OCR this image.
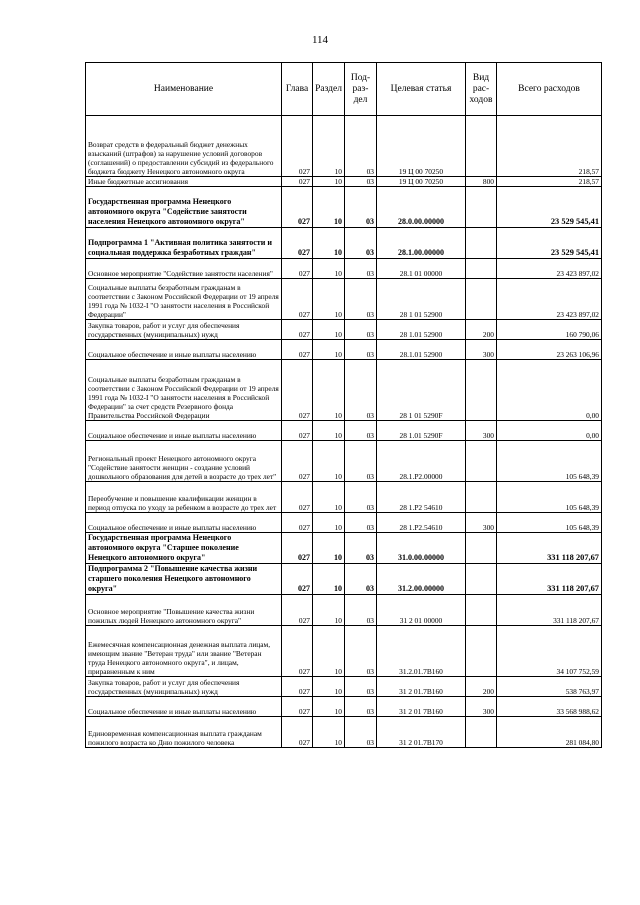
114
Наименование	Глава	Раздел	Под-раз-дел	Целевая статья	Вид рас-ходов	Всего расходов
Возврат средств в федеральный бюджет денежных взысканий (штрафов) за нарушение условий договоров (соглашений) о предоставлении субсидий из федерального бюджета бюджету Ненецкого автономного округа	027	10	03	19 Ц 00 70250		218,57
Иные бюджетные ассигнования	027	10	03	19 Ц 00 70250	800	218,57
Государственная программа Ненецкого автономного округа "Содействие занятости населения Ненецкого автономного округа"	027	10	03	28.0.00.00000		23 529 545,41
Подпрограмма 1 "Активная политика занятости и социальная поддержка безработных граждан"	027	10	03	28.1.00.00000		23 529 545,41
Основное мероприятие "Содействие занятости населения"	027	10	03	28.1 01 00000		23 423 897,02
Социальные выплаты безработным гражданам в соответствии с Законом Российской Федерации от 19 апреля 1991 года № 1032-I "О занятости населения в Российской Федерации"	027	10	03	28 1 01 52900		23 423 897,02
Закупка товаров, работ и услуг для обеспечения государственных (муниципальных) нужд	027	10	03	28 1.01 52900	200	160 790,06
Социальное обеспечение и иные выплаты населению	027	10	03	28.1.01 52900	300	23 263 106,96
Социальные выплаты безработным гражданам в соответствии с Законом Российской Федерации от 19 апреля 1991 года № 1032-I "О занятости населения в Российской Федерации" за счет средств Резервного фонда Правительства Российской Федерации	027	10	03	28 1 01 5290F		0,00
Социальное обеспечение и иные выплаты населению	027	10	03	28 1.01 5290F	300	0,00
Региональный проект Ненецкого автономного округа "Содействие занятости женщин - создание условий дошкольного образования для детей в возрасте до трех лет"	027	10	03	28.1.P2.00000		105 648,39
Переобучение и повышение квалификации женщин в период отпуска по уходу за ребенком в возрасте до трех лет	027	10	03	28 1.P2 54610		105 648,39
Социальное обеспечение и иные выплаты населению	027	10	03	28 1.P2.54610	300	105 648,39
Государственная программа Ненецкого автономного округа "Старшее поколение Ненецкого автономного округа"	027	10	03	31.0.00.00000		331 118 207,67
Подпрограмма 2 "Повышение качества жизни старшего поколения Ненецкого автономного округа"	027	10	03	31.2.00.00000		331 118 207,67
Основное мероприятие "Повышение качества жизни пожилых людей Ненецкого автономного округа"	027	10	03	31 2 01 00000		331 118 207,67
Ежемесячная компенсационная денежная выплата лицам, имеющим звание "Ветеран труда" или звание "Ветеран труда Ненецкого автономного округа", и лицам, приравненным к ним	027	10	03	31.2.01.7В160		34 107 752,59
Закупка товаров, работ и услуг для обеспечения государственных (муниципальных) нужд	027	10	03	31 2 01.7В160	200	538 763,97
Социальное обеспечение и иные выплаты населению	027	10	03	31 2 01 7В160	300	33 568 988,62
Единовременная компенсационная выплата гражданам пожилого возраста ко Дню пожилого человека	027	10	03	31 2 01.7В170		281 084,80
